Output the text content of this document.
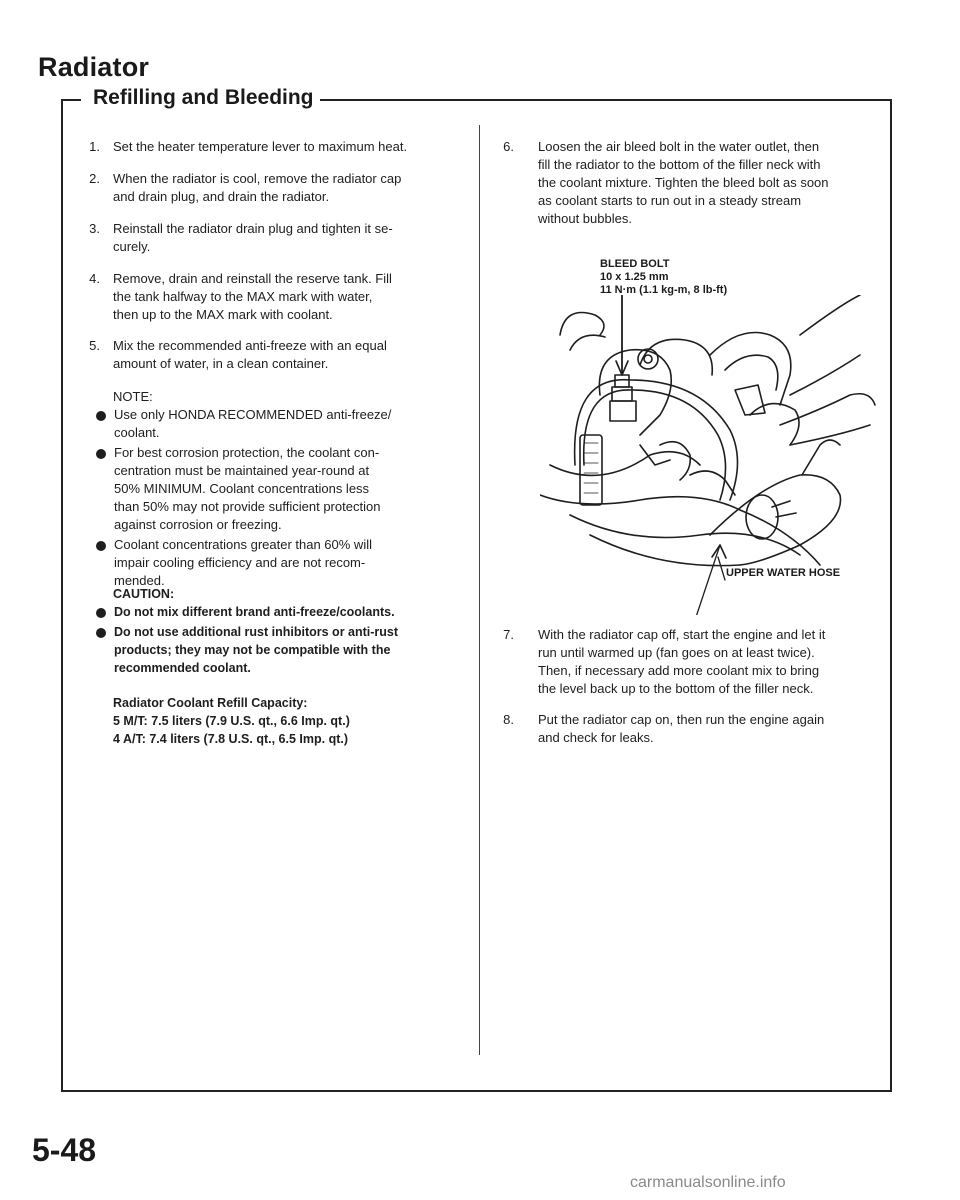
Radiator
Refilling and Bleeding
1. Set the heater temperature lever to maximum heat.
2. When the radiator is cool, remove the radiator cap
and drain plug, and drain the radiator.
3. Reinstall the radiator drain plug and tighten it se-
curely.
4. Remove, drain and reinstall the reserve tank. Fill
the tank halfway to the MAX mark with water,
then up to the MAX mark with coolant.
5. Mix the recommended anti-freeze with an equal
amount of water, in a clean container.
NOTE:
Use only HONDA RECOMMENDED anti-freeze/
coolant.
For best corrosion protection, the coolant con-
centration must be maintained year-round at
50% MINIMUM. Coolant concentrations less
than 50% may not provide sufficient protection
against corrosion or freezing.
Coolant concentrations greater than 60% will
impair cooling efficiency and are not recom-
mended.
CAUTION:
Do not mix different brand anti-freeze/coolants.
Do not use additional rust inhibitors or anti-rust
products; they may not be compatible with the
recommended coolant.
Radiator Coolant Refill Capacity:
5 M/T: 7.5 liters (7.9 U.S. qt., 6.6 Imp. qt.)
4 A/T: 7.4 liters (7.8 U.S. qt., 6.5 Imp. qt.)
6. Loosen the air bleed bolt in the water outlet, then
fill the radiator to the bottom of the filler neck with
the coolant mixture. Tighten the bleed bolt as soon
as coolant starts to run out in a steady stream
without bubbles.
BLEED BOLT
10 x 1.25 mm
11 N·m (1.1 kg-m, 8 lb-ft)
UPPER WATER HOSE
7. With the radiator cap off, start the engine and let it
run until warmed up (fan goes on at least twice).
Then, if necessary add more coolant mix to bring
the level back up to the bottom of the filler neck.
8. Put the radiator cap on, then run the engine again
and check for leaks.
5-48
carmanualsonline.info
